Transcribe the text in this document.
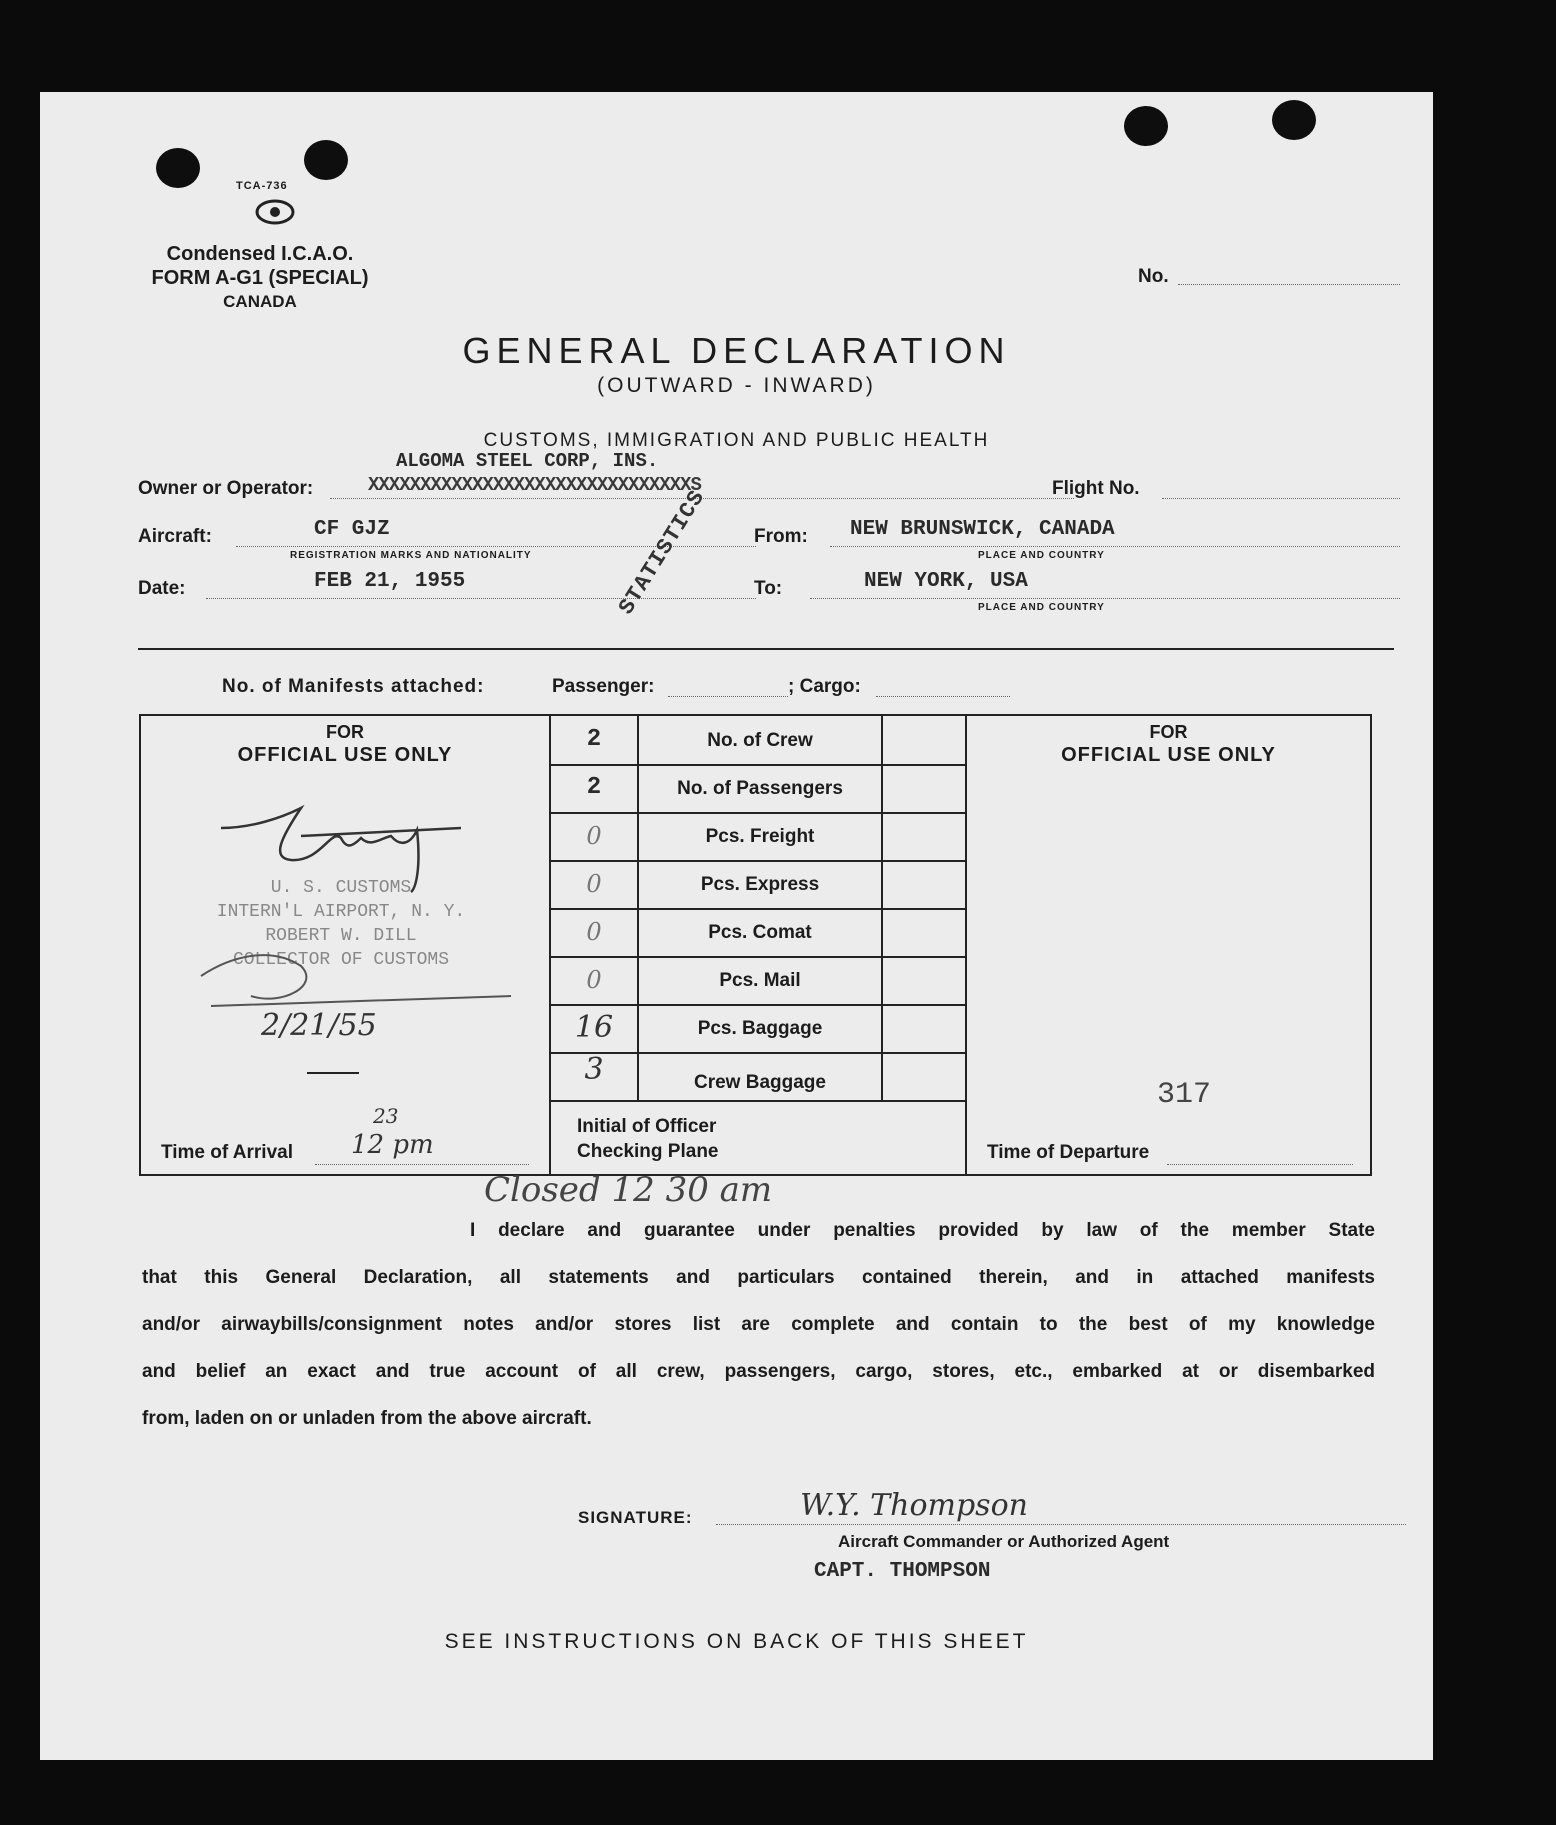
TCA-736
Condensed I.C.A.O.
FORM A-G1 (SPECIAL)
CANADA
No.
GENERAL DECLARATION
(OUTWARD - INWARD)
CUSTOMS, IMMIGRATION AND PUBLIC HEALTH
Owner or Operator:
ALGOMA STEEL CORP, INS.
XXXXXXXXXXXXXXXXXXXXXXXXXXXXXXXS	Flight No.
Aircraft:	CF GJZ
REGISTRATION MARKS AND NATIONALITY
From: NEW BRUNSWICK, CANADA
PLACE AND COUNTRY
Date:	FEB 21, 1955	To:	NEW YORK, USA
PLACE AND COUNTRY
STATISTICS
No. of Manifests attached:	Passenger:	; Cargo:
FOR
OFFICIAL USE ONLY
U. S. CUSTOMS
INTERN'L AIRPORT, N. Y.
ROBERT W. DILL
COLLECTOR OF CUSTOMS
2/21/55
Time of Arrival 12 pm
23
2	No. of Crew
2	No. of Passengers
0	Pcs. Freight
0	Pcs. Express
0	Pcs. Comat
0	Pcs. Mail
16	Pcs. Baggage
3	Crew Baggage
Initial of Officer
Checking Plane
FOR
OFFICIAL USE ONLY
317
Time of Departure
Closed 12 30 am
I declare and guarantee under penalties provided by law of the member State
that this General Declaration, all statements and particulars contained therein, and in attached manifests
and/or airwaybills/consignment notes and/or stores list are complete and contain to the best of my knowledge
and belief an exact and true account of all crew, passengers, cargo, stores, etc., embarked at or disembarked
from, laden on or unladen from the above aircraft.
SIGNATURE:	W.Y. Thompson
Aircraft Commander or Authorized Agent
CAPT. THOMPSON
SEE INSTRUCTIONS ON BACK OF THIS SHEET
